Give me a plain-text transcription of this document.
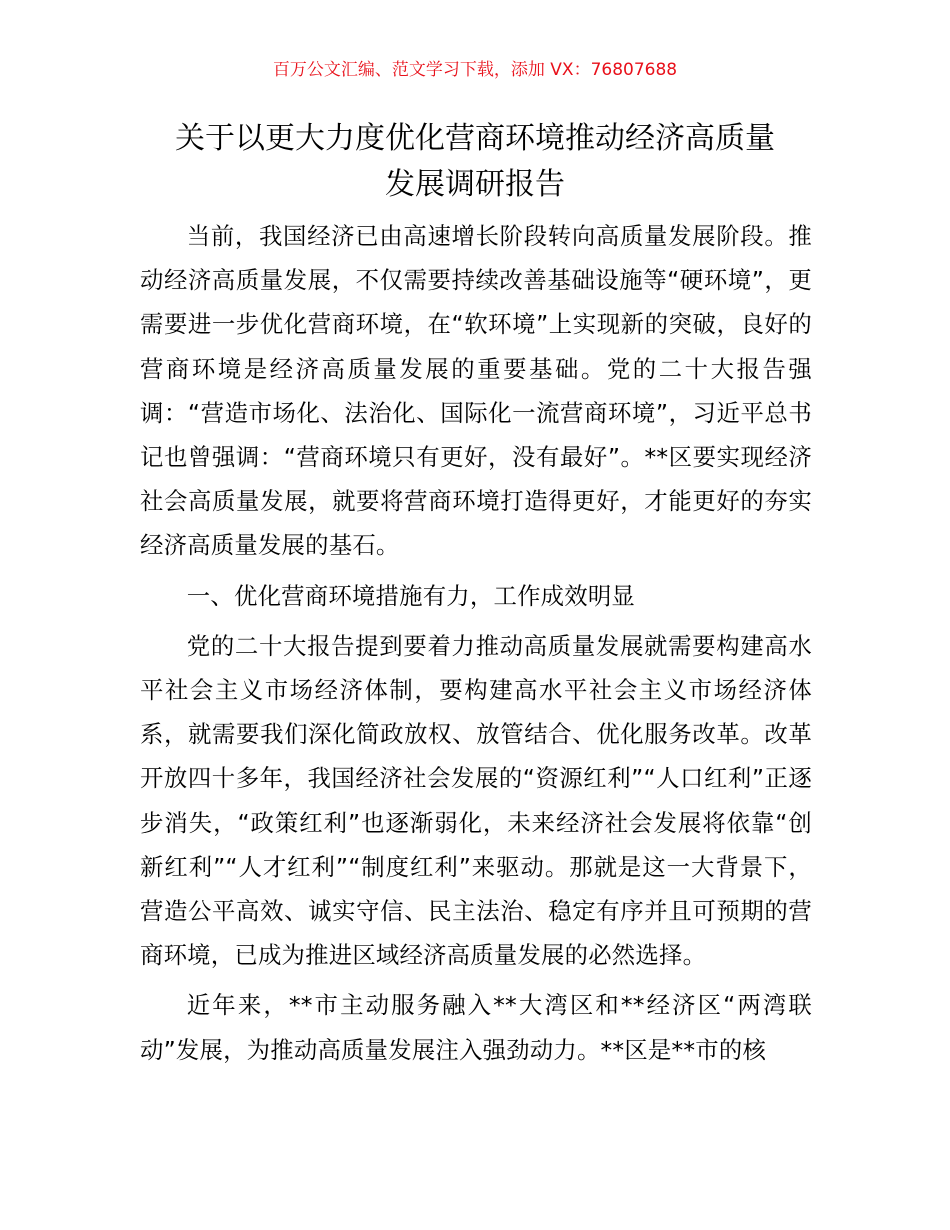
百万公文汇编、范文学习下载，添加 VX：76807688
关于以更大力度优化营商环境推动经济高质量
发展调研报告

当前，我国经济已由高速增长阶段转向高质量发展阶段。推动经济高质量发展，不仅需要持续改善基础设施等“硬环境”，更需要进一步优化营商环境，在“软环境”上实现新的突破，良好的营商环境是经济高质量发展的重要基础。党的二十大报告强调：“营造市场化、法治化、国际化一流营商环境”，习近平总书记也曾强调：“营商环境只有更好，没有最好”。**区要实现经济社会高质量发展，就要将营商环境打造得更好，才能更好的夯实经济高质量发展的基石。

一、优化营商环境措施有力，工作成效明显

党的二十大报告提到要着力推动高质量发展就需要构建高水平社会主义市场经济体制，要构建高水平社会主义市场经济体系，就需要我们深化简政放权、放管结合、优化服务改革。改革开放四十多年，我国经济社会发展的“资源红利”“人口红利”正逐步消失，“政策红利”也逐渐弱化，未来经济社会发展将依靠“创新红利”“人才红利”“制度红利”来驱动。那就是这一大背景下，营造公平高效、诚实守信、民主法治、稳定有序并且可预期的营商环境，已成为推进区域经济高质量发展的必然选择。

近年来，**市主动服务融入**大湾区和**经济区“两湾联动”发展，为推动高质量发展注入强劲动力。**区是**市的核
